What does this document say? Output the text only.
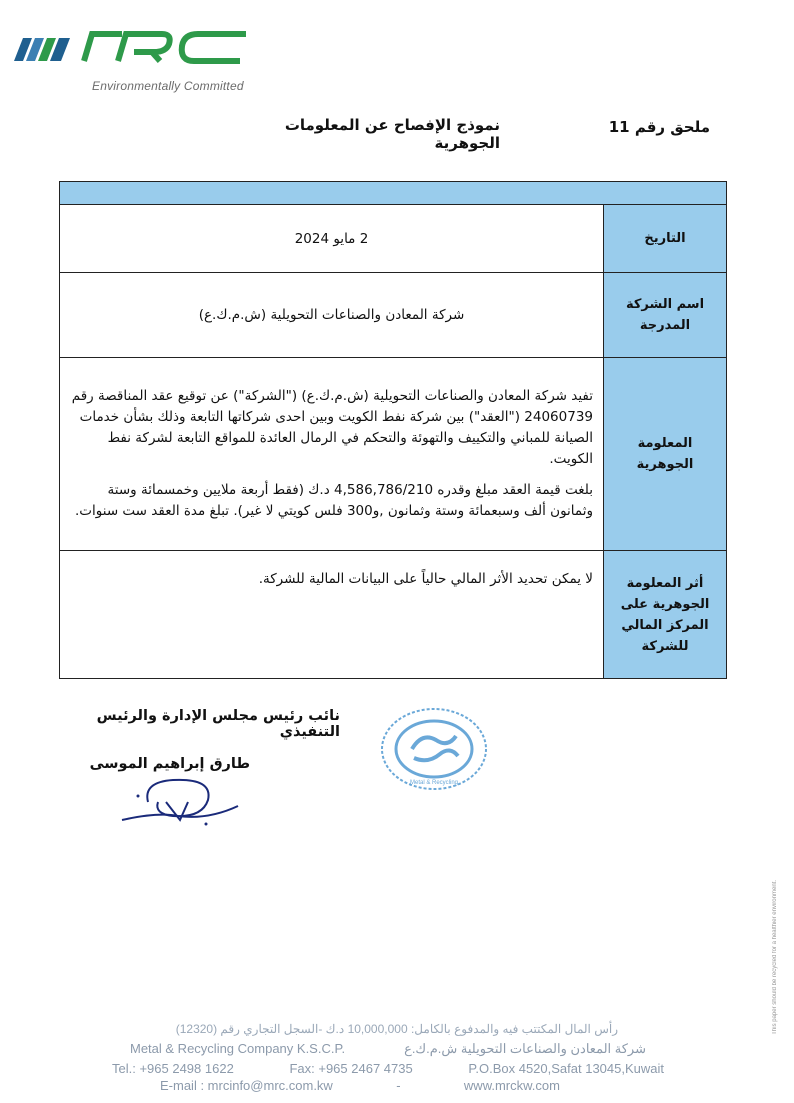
Environmentally Committed
نموذج الإفصاح عن المعلومات الجوهرية
ملحق رقم 11

2 مايو 2024	التاريخ
شركة المعادن والصناعات التحويلية (ش.م.ك.ع)	اسم الشركة المدرجة

تفيد شركة المعادن والصناعات التحويلية (ش.م.ك.ع) ("الشركة") عن توقيع عقد المناقصة رقم 24060739 ("العقد") بين شركة نفط الكويت وبين احدى شركاتها التابعة وذلك بشأن خدمات الصيانة للمباني والتكييف والتهوئة والتحكم في الرمال العائدة للمواقع التابعة لشركة نفط الكويت.

بلغت قيمة العقد مبلغ وقدره 4,586,786/210 د.ك (فقط أربعة ملايين وخمسمائة وستة وثمانون ألف وسبعمائة وستة وثمانون ,و300 فلس كويتي لا غير). تبلغ مدة العقد ست سنوات.	المعلومة الجوهرية
لا يمكن تحديد الأثر المالي حالياً على البيانات المالية للشركة.	أثر المعلومة الجوهرية على المركز المالي للشركة
نائب رئيس مجلس الإدارة والرئيس التنفيذي
طارق إبراهيم الموسى
Metal & Recycling
This paper should be recycled for a healthier environment.
رأس المال المكتتب فيه والمدفوع بالكامل: 10,000,000 د.ك -السجل التجاري رقم (12320)
Metal & Recycling Company K.S.C.P.	شركة المعادن والصناعات التحويلية ش.م.ك.ع
Tel.: +965 2498 1622	Fax: +965 2467 4735	P.O.Box 4520,Safat 13045,Kuwait
E-mail : mrcinfo@mrc.com.kw	-	www.mrckw.com
